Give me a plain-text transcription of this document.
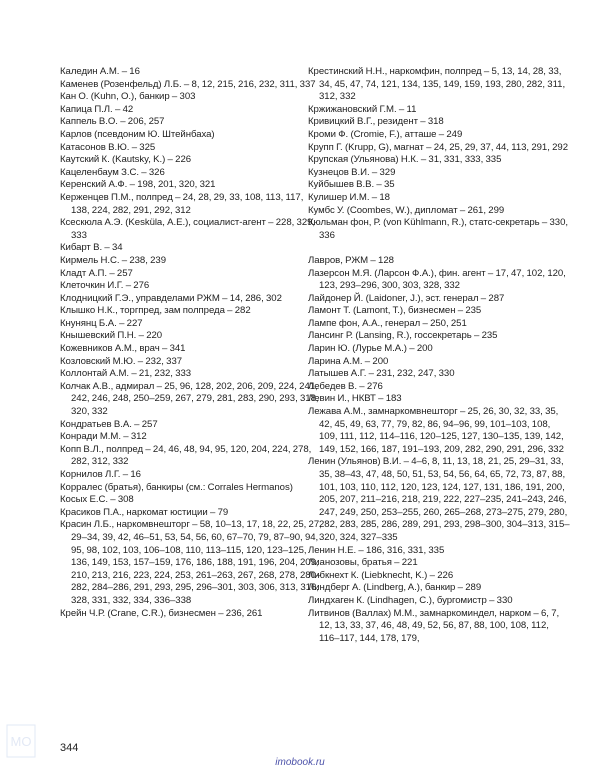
Каледин А.М. – 16

Каменев (Розенфельд) Л.Б. – 8, 12, 215, 216, 232, 311, 337

Кан О. (Kuhn, O.), банкир – 303

Капица П.Л. – 42

Каппель В.О. – 206, 257

Карлов (псевдоним Ю. Штейнбаха)

Катасонов В.Ю. – 325

Каутский К. (Kautsky, K.) – 226

Кацеленбаум З.С. – 326

Керенский А.Ф. – 198, 201, 320, 321

Керженцев П.М., полпред – 24, 28, 29, 33, 108, 113, 117, 138, 224, 282, 291, 292, 312

Ксескюла А.Э. (Keskülа, A.E.), социалист-агент – 228, 329, 333

Кибарт В. – 34

Кирмель Н.С. – 238, 239

Кладт А.П. – 257

Клеточкин И.Г. – 276

Клодницкий Г.Э., управделами РЖМ – 14, 286, 302

Клышко Н.К., торгпред, зам полпреда – 282

Кнунянц Б.А. – 227

Кнышевский П.Н. – 220

Кожевников А.М., врач – 341

Козловский М.Ю. – 232, 337

Коллонтай А.М. – 21, 232, 333

Колчак А.В., адмирал – 25, 96, 128, 202, 206, 209, 224, 241, 242, 246, 248, 250–259, 267, 279, 281, 283, 290, 293, 318, 320, 332

Кондратьев В.А. – 257

Конради М.М. – 312

Копп В.Л., полпред – 24, 46, 48, 94, 95, 120, 204, 224, 278, 282, 312, 332

Корнилов Л.Г. – 16

Корралес (братья), банкиры (см.: Corrales Hermanos)

Косых Е.С. – 308

Красиков П.А., наркомат юстиции – 79

Красин Л.Б., наркомвнешторг – 58, 10–13, 17, 18, 22, 25, 27, 29–34, 39, 42, 46–51, 53, 54, 56, 60, 67–70, 79, 87–90, 94, 95, 98, 102, 103, 106–108, 110, 113–115, 120, 123–125, 136, 149, 153, 157–159, 176, 186, 188, 191, 196, 204, 209, 210, 213, 216, 223, 224, 253, 261–263, 267, 268, 278, 280–282, 284–286, 291, 293, 295, 296–301, 303, 306, 313, 316, 328, 331, 332, 334, 336–338

Крейн Ч.Р. (Crane, C.R.), бизнесмен – 236, 261

Крестинский Н.Н., наркомфин, полпред – 5, 13, 14, 28, 33, 34, 45, 47, 74, 121, 134, 135, 149, 159, 193, 280, 282, 311, 312, 332

Кржижановский Г.М. – 11

Кривицкий В.Г., резидент – 318

Кроми Ф. (Cromie, F.), атташе – 249

Крупп Г. (Krupp, G), магнат – 24, 25, 29, 37, 44, 113, 291, 292

Крупская (Ульянова) Н.К. – 31, 331, 333, 335

Кузнецов В.И. – 329

Куйбышев В.В. – 35

Кулишер И.М. – 18

Кумбс У. (Coombes, W.), дипломат – 261, 299

Кюльман фон, Р. (von Kühlmann, R.), статс-секретарь – 330, 336

Лавров, РЖМ – 128

Лазерсон М.Я. (Ларсон Ф.А.), фин. агент – 17, 47, 102, 120, 123, 293–296, 300, 303, 328, 332

Лайдонер Й. (Laidoner, J.), эст. генерал – 287

Ламонт Т. (Lamont, T.), бизнесмен – 235

Лампе фон, А.А., генерал – 250, 251

Лансинг Р. (Lansing, R.), госсекретарь – 235

Ларин Ю. (Лурье М.А.) – 200

Ларина А.М. – 200

Латышев А.Г. – 231, 232, 247, 330

Лебедев В. – 276

Левин И., НКВТ – 183

Лежава А.М., замнаркомвнешторг – 25, 26, 30, 32, 33, 35, 42, 45, 49, 63, 77, 79, 82, 86, 94–96, 99, 101–103, 108, 109, 111, 112, 114–116, 120–125, 127, 130–135, 139, 142, 149, 152, 166, 187, 191–193, 209, 282, 290, 291, 296, 332

Ленин (Ульянов) В.И. – 4–6, 8, 11, 13, 18, 21, 25, 29–31, 33, 35, 38–43, 47, 48, 50, 51, 53, 54, 56, 64, 65, 72, 73, 87, 88, 101, 103, 110, 112, 120, 123, 124, 127, 131, 186, 191, 200, 205, 207, 211–216, 218, 219, 222, 227–235, 241–243, 246, 247, 249, 250, 253–255, 260, 265–268, 273–275, 279, 280, 282, 283, 285, 286, 289, 291, 293, 298–300, 304–313, 315–320, 324, 327–335

Ленин Н.Е. – 186, 316, 331, 335

Лианозовы, братья – 221

Либкнехт К. (Liebknecht, K.) – 226

Линдберг А. (Lindberg, A.), банкир – 289

Линдхаген К. (Lindhagen, C.), бургомистр – 330

Литвинов (Валлах) М.М., замнаркоминдел, нарком – 6, 7, 12, 13, 33, 37, 46, 48, 49, 52, 56, 87, 88, 100, 108, 112, 116–117, 144, 178, 179,

344
imobook.ru
MO
